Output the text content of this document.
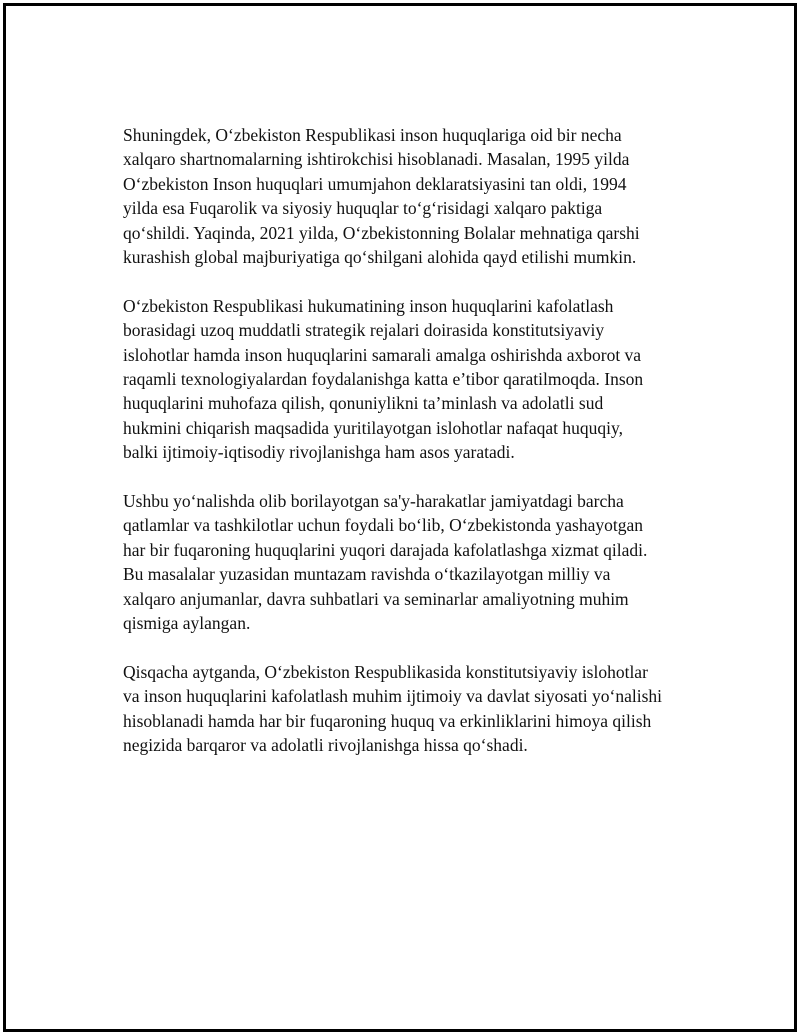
Shuningdek, O‘zbekiston Respublikasi inson huquqlariga oid bir necha
xalqaro shartnomalarning ishtirokchisi hisoblanadi. Masalan, 1995 yilda
O‘zbekiston Inson huquqlari umumjahon deklaratsiyasini tan oldi, 1994
yilda esa Fuqarolik va siyosiy huquqlar to‘g‘risidagi xalqaro paktiga
qo‘shildi. Yaqinda, 2021 yilda, O‘zbekistonning Bolalar mehnatiga qarshi
kurashish global majburiyatiga qo‘shilgani alohida qayd etilishi mumkin.

O‘zbekiston Respublikasi hukumatining inson huquqlarini kafolatlash
borasidagi uzoq muddatli strategik rejalari doirasida konstitutsiyaviy
islohotlar hamda inson huquqlarini samarali amalga oshirishda axborot va
raqamli texnologiyalardan foydalanishga katta e’tibor qaratilmoqda. Inson
huquqlarini muhofaza qilish, qonuniylikni ta’minlash va adolatli sud
hukmini chiqarish maqsadida yuritilayotgan islohotlar nafaqat huquqiy,
balki ijtimoiy-iqtisodiy rivojlanishga ham asos yaratadi.

Ushbu yo‘nalishda olib borilayotgan sa'y-harakatlar jamiyatdagi barcha
qatlamlar va tashkilotlar uchun foydali bo‘lib, O‘zbekistonda yashayotgan
har bir fuqaroning huquqlarini yuqori darajada kafolatlashga xizmat qiladi.
Bu masalalar yuzasidan muntazam ravishda o‘tkazilayotgan milliy va
xalqaro anjumanlar, davra suhbatlari va seminarlar amaliyotning muhim
qismiga aylangan.

Qisqacha aytganda, O‘zbekiston Respublikasida konstitutsiyaviy islohotlar
va inson huquqlarini kafolatlash muhim ijtimoiy va davlat siyosati yo‘nalishi
hisoblanadi hamda har bir fuqaroning huquq va erkinliklarini himoya qilish
negizida barqaror va adolatli rivojlanishga hissa qo‘shadi.
